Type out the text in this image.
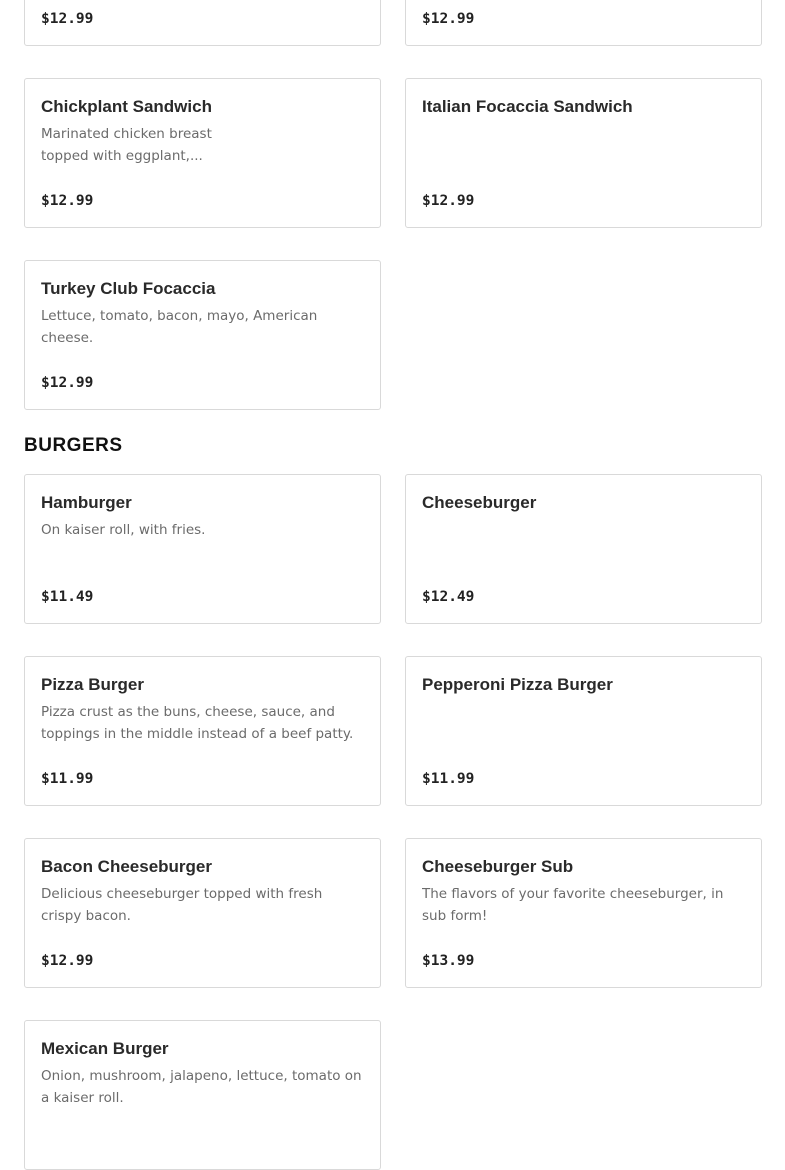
$12.99	$12.99
Chickplant Sandwich
Marinated chicken breast topped with eggplant,...
$12.99
Italian Focaccia Sandwich
$12.99
Turkey Club Focaccia
Lettuce, tomato, bacon, mayo, American cheese.
$12.99
BURGERS
Hamburger
On kaiser roll, with fries.
$11.49
Cheeseburger
$12.49
Pizza Burger
Pizza crust as the buns, cheese, sauce, and toppings in the middle instead of a beef patty.
$11.99
Pepperoni Pizza Burger
$11.99
Bacon Cheeseburger
Delicious cheeseburger topped with fresh crispy bacon.
$12.99
Cheeseburger Sub
The flavors of your favorite cheeseburger, in sub form!
$13.99
Mexican Burger
Onion, mushroom, jalapeno, lettuce, tomato on a kaiser roll.
